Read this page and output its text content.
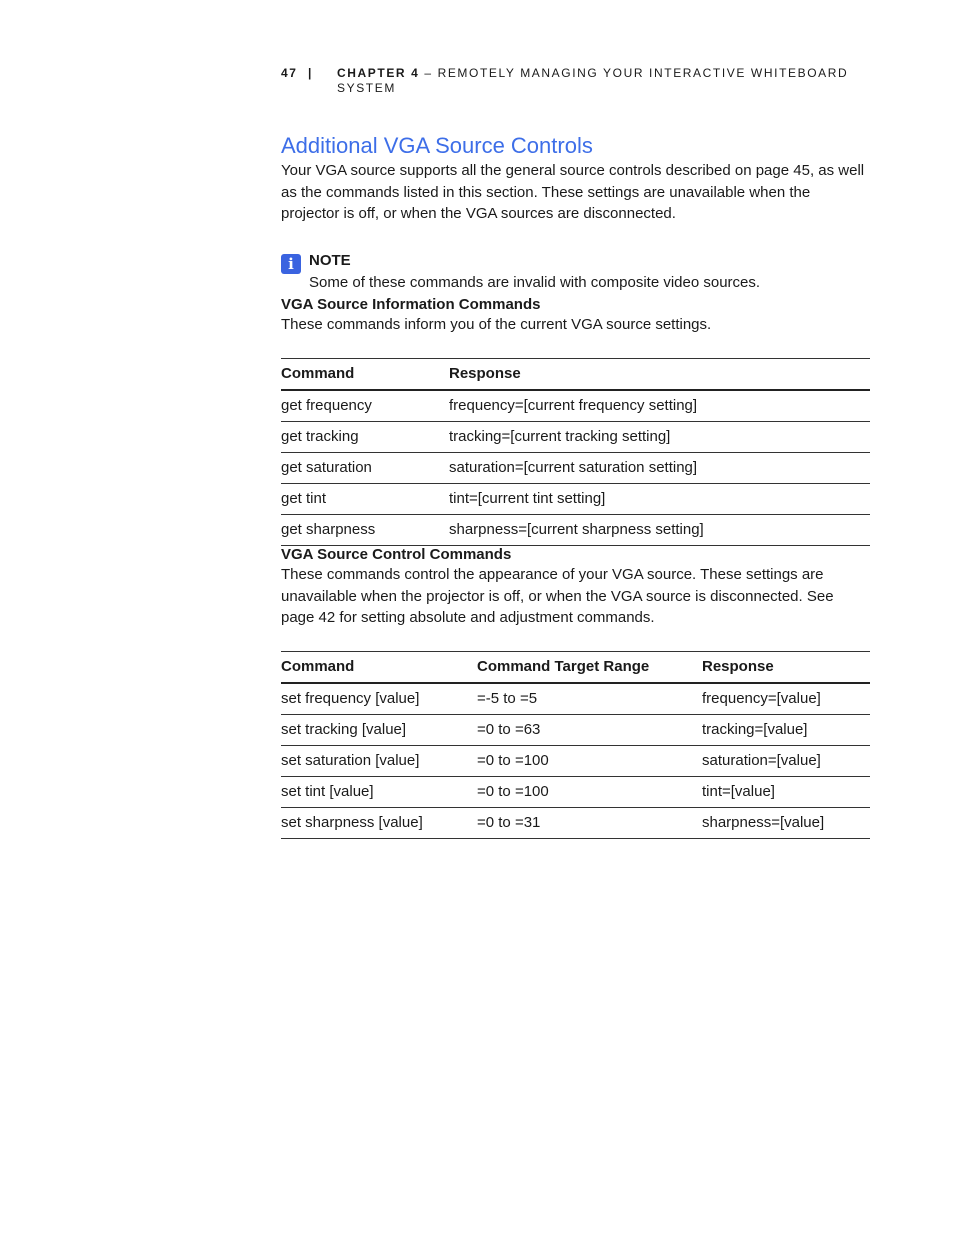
47 | CHAPTER 4 – REMOTELY MANAGING YOUR INTERACTIVE WHITEBOARD SYSTEM
Additional VGA Source Controls

Your VGA source supports all the general source controls described on page 45, as well as the commands listed in this section. These settings are unavailable when the projector is off, or when the VGA sources are disconnected.

i	NOTE
Some of these commands are invalid with composite video sources.
VGA Source Information Commands

These commands inform you of the current VGA source settings.

Command	Response
get frequency	frequency=[current frequency setting]
get tracking	tracking=[current tracking setting]
get saturation	saturation=[current saturation setting]
get tint	tint=[current tint setting]
get sharpness	sharpness=[current sharpness setting]
VGA Source Control Commands

These commands control the appearance of your VGA source. These settings are unavailable when the projector is off, or when the VGA source is disconnected. See page 42 for setting absolute and adjustment commands.

Command	Command Target Range	Response
set frequency [value]	=-5 to =5	frequency=[value]
set tracking [value]	=0 to =63	tracking=[value]
set saturation [value]	=0 to =100	saturation=[value]
set tint [value]	=0 to =100	tint=[value]
set sharpness [value]	=0 to =31	sharpness=[value]
